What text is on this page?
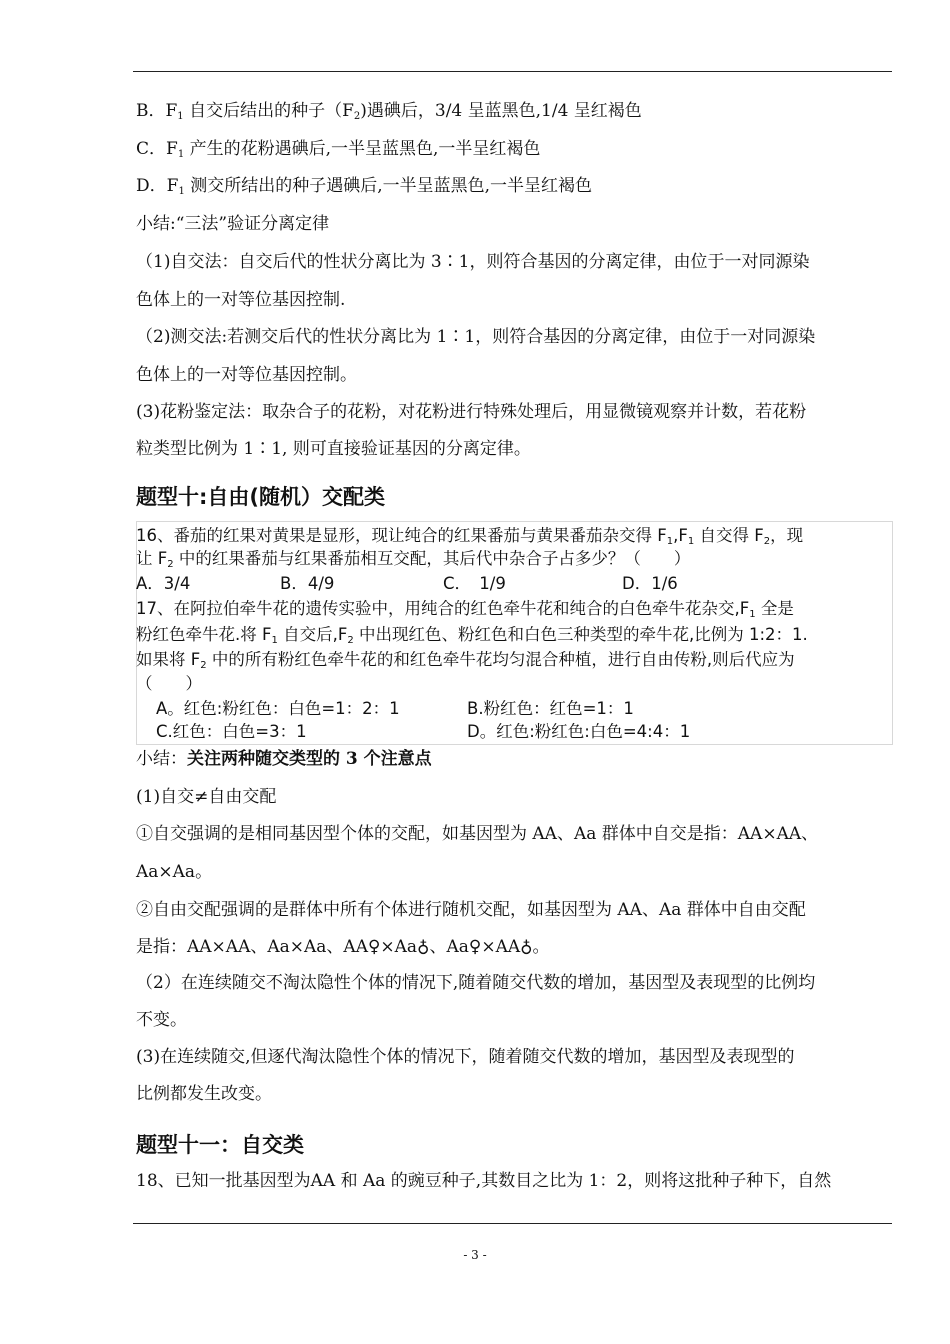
B．$F_1$ 自交后结出的种子$(F_2)$遇碘后，3/4 呈蓝黑色,1/4 呈红褐色
C．$F_1$ 产生的花粉遇碘后,一半呈蓝黑色,一半呈红褐色
D．$F_1$ 测交所结出的种子遇碘后,一半呈蓝黑色,一半呈红褐色
小结:“三法”验证分离定律
（1)自交法：自交后代的性状分离比为 3∶1，则符合基因的分离定律，由位于一对同源染
色体上的一对等位基因控制.
（2)测交法:若测交后代的性状分离比为 1∶1，则符合基因的分离定律，由位于一对同源染
色体上的一对等位基因控制。
(3)花粉鉴定法：取杂合子的花粉，对花粉进行特殊处理后，用显微镜观察并计数，若花粉
粒类型比例为 1∶1, 则可直接验证基因的分离定律。
题型十:自由(随机）交配类
16、番茄的红果对黄果是显形，现让纯合的红果番茄与黄果番茄杂交得 $F_1,F_1$ 自交得 $F_2$，现
让 $F_2$ 中的红果番茄与红果番茄相互交配，其后代中杂合子占多少？（　　）
A．3/4	B．4/9	C．　1/9	D．1/6
17、在阿拉伯牵牛花的遗传实验中，用纯合的红色牵牛花和纯合的白色牵牛花杂交$,F_1$ 全是
粉红色牵牛花.将 $F_1$ 自交后$,F_2$ 中出现红色、粉红色和白色三种类型的牵牛花,比例为 1:2：1.
如果将 $F_2$ 中的所有粉红色牵牛花的和红色牵牛花均匀混合种植，进行自由传粉,则后代应为
（　　）
A。红色:粉红色：白色=1：2：1	B.粉红色：红色=1：1
C.红色：白色=3：1	D。红色:粉红色:白色=4:4：1
小结：关注两种随交类型的 3 个注意点
(1)自交≠自由交配
①自交强调的是相同基因型个体的交配，如基因型为 AA、Aa 群体中自交是指：AA×AA、
Aa×Aa。
②自由交配强调的是群体中所有个体进行随机交配，如基因型为 AA、Aa 群体中自由交配
是指：AA×AA、Aa×Aa、AA♀×Aa♁、Aa♀×AA♁。
（2）在连续随交不淘汰隐性个体的情况下,随着随交代数的增加，基因型及表现型的比例均
不变。
(3)在连续随交,但逐代淘汰隐性个体的情况下，随着随交代数的增加，基因型及表现型的
比例都发生改变。
题型十一：自交类
18、已知一批基因型为AA 和 Aa 的豌豆种子,其数目之比为 1：2，则将这批种子种下，自然
- 3 -
